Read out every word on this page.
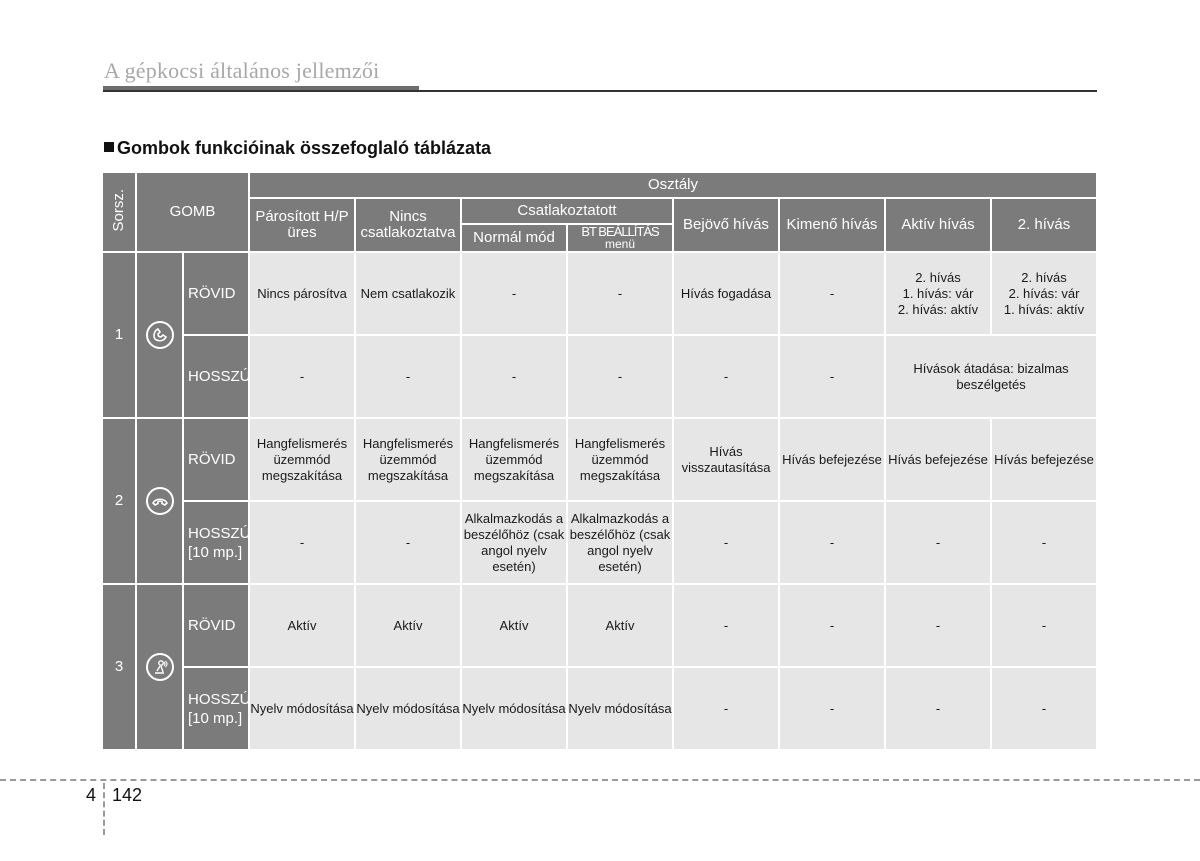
A gépkocsi általános jellemzői
Gombok funkcióinak összefoglaló táblázata
Sorsz.	GOMB		Osztály							
			Párosított H/P üres	Nincs csatlakoztatva	Csatlakoztatott		Bejövő hívás	Kimenő hívás	Aktív hívás	2. hívás
					Normál mód	BT BEÁLLÍTÁS
menü				

1		RÖVID	Nincs párosítva	Nem csatlakozik	-	-	Hívás fogadása	-	2. hívás
1. hívás: vár
2. hívás: aktív	2. hívás
2. hívás: vár
1. hívás: aktív
		HOSSZÚ	-	-	-	-	-	-	Hívások átadása: bizalmas beszélgetés	
2		RÖVID	Hangfelismerés üzemmód megszakítása	Hangfelismerés üzemmód megszakítása	Hangfelismerés üzemmód megszakítása	Hangfelismerés üzemmód megszakítása	Hívás visszautasítása	Hívás befejezése	Hívás befejezése	Hívás befejezése
		HOSSZÚ
[10 mp.]	-	-	Alkalmazkodás a beszélőhöz (csak angol nyelv esetén)	Alkalmazkodás a beszélőhöz (csak angol nyelv esetén)	-	-	-	-
3		RÖVID	Aktív	Aktív	Aktív	Aktív	-	-	-	-
		HOSSZÚ
[10 mp.]	Nyelv módosítása	Nyelv módosítása	Nyelv módosítása	Nyelv módosítása	-	-	-	-
4 142
